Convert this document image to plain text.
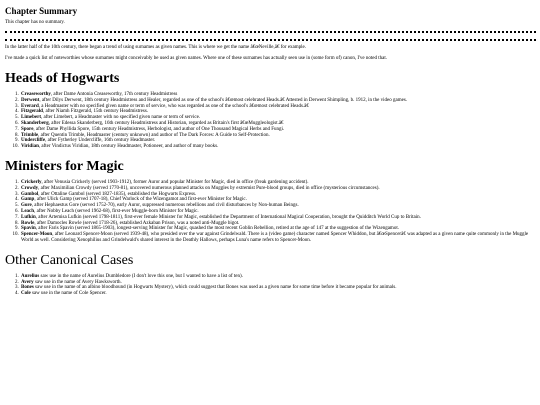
Chapter Summary

This chapter has no summary.

In the latter half of the 10th century, there began a trend of using surnames as given names. This is where we get the name â€œNeville,â€ for example.

I've made a quick list of noteworthies whose surnames might conceivably be used as given names. Where one of these surnames has actually seen use in (some form of) canon, I've noted that.

Heads of Hogwarts
1. Creaseworthy, after Dame Antonia Creaseworthy, 17th century Headmistress
2. Derwent, after Dilys Derwent, 18th century Headmistress and Healer, regarded as one of the school's â€œmost celebrated Heads.â€ Attested in Derwent Shimpling, b. 1912, in the video games.
3. Everard, a Headmaster with no specified given name or term of service, who was regarded as one of the school's â€œmost celebrated Heads.â€
4. Fitzgerald, after Niamh Fitzgerald, 15th century Headmistress.
5. Limebert, after Limebert, a Headmaster with no specified given name or term of service.
6. Skanderberg, after Edessa Skanderberg, 16th century Headmistress and Historian, regarded as Britain's first â€œMuggleologist.â€
7. Spore, after Dame Phyllida Spore, 15th century Headmistress, Herbologist, and author of One Thousand Magical Herbs and Fungi.
8. Trimble, after Quentin Trimble, Headmaster (century unknown) and author of The Dark Forces: A Guide to Self-Protection.
9. Undercliffe, after Fytherley Undercliffe, 16th century Headmaster.
10. Viridian, after Vindictus Viridian, 18th century Headmaster, Potioneer, and author of many books.
Ministers for Magic
1. Crickerly, after Venusia Crickerly (served 1903-1912), former Auror and popular Minister for Magic, died in office (freak gardening accident).
2. Crowdy, after Maximilian Crowdy (served 1770-81), uncovered numerous planned attacks on Muggles by extremist Pure-blood groups, died in office (mysterious circumstances).
3. Gambol, after Ottaline Gambol (served 1827-1835), established the Hogwarts Express.
4. Gamp, after Ulick Gamp (served 1707-18), Chief Warlock of the Wizengamot and first-ever Minister for Magic.
5. Gore, after Hephaestus Gore (served 1752-70), early Auror, suppressed numerous rebellions and civil disturbances by Non-human Beings.
6. Leach, after Nobby Leach (served 1962-68), first-ever Muggle-born Minister for Magic.
7. Lufkin, after Artemisa Lufkin (served 1798-1811), first-ever female Minister for Magic, established the Department of International Magical Cooperation, brought the Quidditch World Cup to Britain.
8. Rowle, after Damocles Rowle (served 1718-26), established Azkaban Prison, was a noted anti-Muggle bigot.
9. Spavin, after Faris Spavin (served 1865-1903), longest-serving Minister for Magic, quashed the most recent Goblin Rebellion, retired at the age of 147 at the suggestion of the Wizengamot.
10. Spencer-Moon, after Leonard Spencer-Moon (served 1939-48), who presided over the war against Grindelwald. There is a (video game) character named Spencer Whiddon, but â€œSpencerâ€ was adapted as a given name quite commonly in the Muggle World as well. Considering Xenophilius and Grindelwald's shared interest in the Deathly Hallows, perhaps Luna's name refers to Spencer-Moon.
Other Canonical Cases
1. Aurelius saw use in the name of Aurelius Dumbledore (I don't love this one, but I wanted to have a list of ten).
2. Avery saw use in the name of Avery Hawksworth.
3. Bones saw use in the name of an albino bloodhound (in Hogwarts Mystery), which could suggest that Bones was used as a given name for some time before it became popular for animals.
4. Cole saw use in the name of Cole Spencer.
